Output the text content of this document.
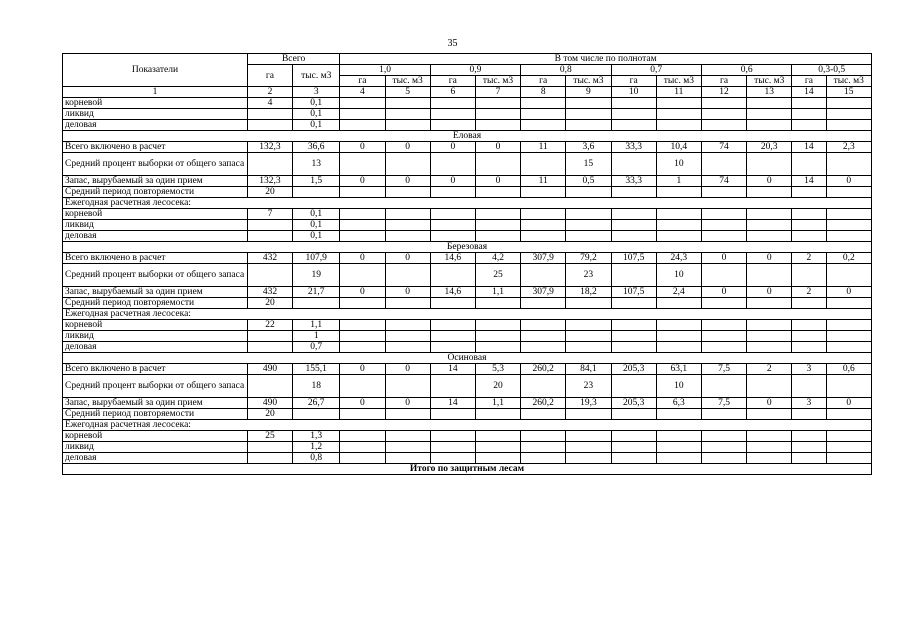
35
Показатели	Всего		В том числе по полнотам											
	га	тыс. м3	1,0		0,9		0,8		0,7		0,6		0,3-0,5	
			га	тыс. м3	га	тыс. м3	га	тыс. м3	га	тыс. м3	га	тыс. м3	га	тыс. м3
1	2	3	4	5	6	7	8	9	10	11	12	13	14	15
корневой	4	0,1												
ликвид		0,1												
деловая		0,1												
Еловая														
Всего включено в расчет	132,3	36,6	0	0	0	0	11	3,6	33,3	10,4	74	20,3	14	2,3
Средний процент выборки от общего запаса		13						15		10				
Запас, вырубаемый за один прием	132,3	1,5	0	0	0	0	11	0,5	33,3	1	74	0	14	0
Средний период повторяемости	20													
Ежегодная расчетная лесосека:														
корневой	7	0,1												
ликвид		0,1												
деловая		0,1												
Березовая														
Всего включено в расчет	432	107,9	0	0	14,6	4,2	307,9	79,2	107,5	24,3	0	0	2	0,2
Средний процент выборки от общего запаса		19				25		23		10				
Запас, вырубаемый за один прием	432	21,7	0	0	14,6	1,1	307,9	18,2	107,5	2,4	0	0	2	0
Средний период повторяемости	20													
Ежегодная расчетная лесосека:														
корневой	22	1,1												
ликвид		1												
деловая		0,7												
Осиновая														
Всего включено в расчет	490	155,1	0	0	14	5,3	260,2	84,1	205,3	63,1	7,5	2	3	0,6
Средний процент выборки от общего запаса		18				20		23		10				
Запас, вырубаемый за один прием	490	26,7	0	0	14	1,1	260,2	19,3	205,3	6,3	7,5	0	3	0
Средний период повторяемости	20													
Ежегодная расчетная лесосека:														
корневой	25	1,3												
ликвид		1,2												
деловая		0,8												
Итого по защитным лесам														
